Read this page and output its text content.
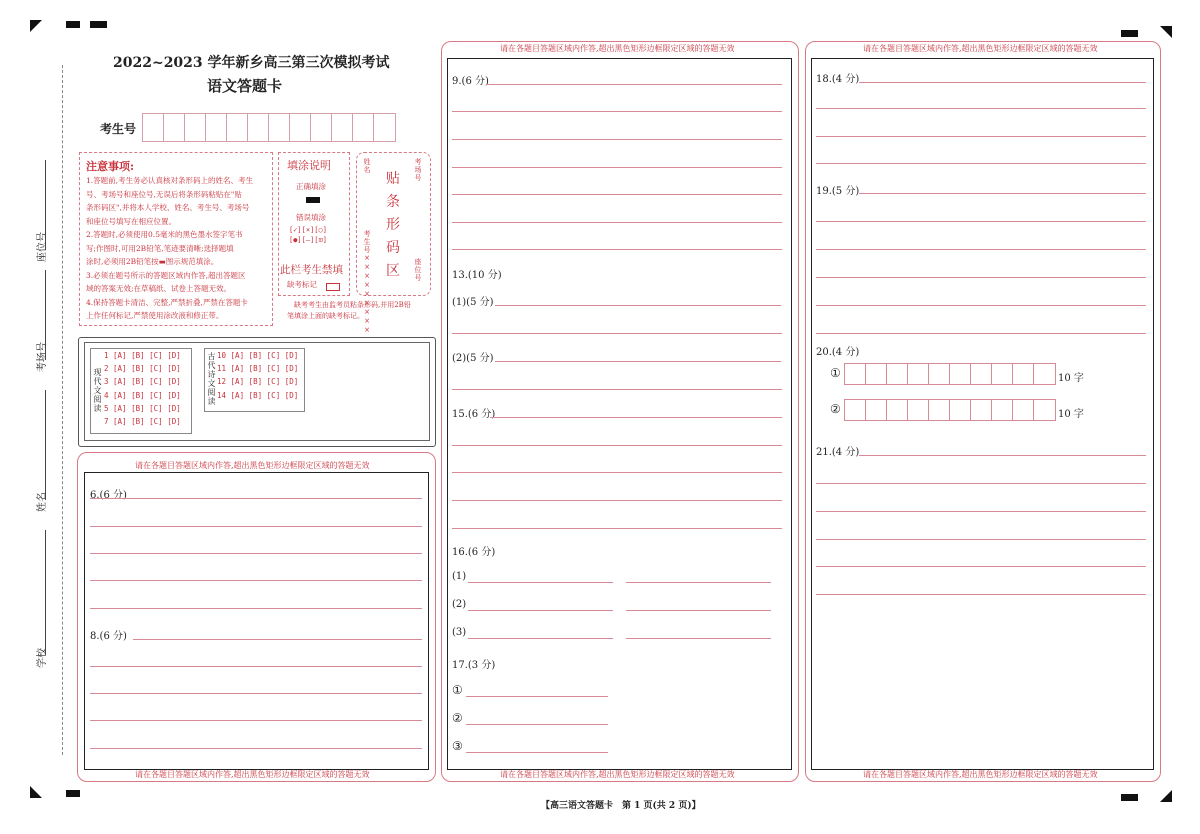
座位号
考场号
姓名
学校
2022~2023 学年新乡高三第三次模拟考试
语文答题卡
考生号
注意事项:
1.答题前,考生务必认真核对条形码上的姓名、考生
号、考场号和座位号,无误后将条形码粘贴在"贴
条形码区",并将本人学校、姓名、考生号、考场号
和座位号填写在相应位置。
2.答题时,必须使用0.5毫米的黑色墨水签字笔书
写;作图时,可用2B铅笔,笔迹要清晰;选择题填
涂时,必须用2B铅笔按▬图示规范填涂。
3.必须在题号所示的答题区域内作答,超出答题区
域的答案无效;在草稿纸、试卷上答题无效。
4.保持答题卡清洁、完整,严禁折叠,严禁在答题卡
上作任何标记,严禁使用涂改液和修正带。
填涂说明
正确填涂
错误填涂
[✓][×][○]
[●][—][⊡]
此栏考生禁填
缺考标记
贴
条
形
码
区
姓名
考生号×××××××××
考场号
座位号
缺考考生由监考员粘条形码,并用2B铅
笔填涂上面的缺考标记。
现代文阅读
1 [A] [B] [C] [D]
2 [A] [B] [C] [D]
3 [A] [B] [C] [D]
4 [A] [B] [C] [D]
5 [A] [B] [C] [D]
7 [A] [B] [C] [D]
古代诗文阅读 10 [A] [B] [C] [D]
11 [A] [B] [C] [D]
12 [A] [B] [C] [D]
14 [A] [B] [C] [D]
请在各题目答题区域内作答,超出黑色矩形边框限定区域的答题无效
请在各题目答题区域内作答,超出黑色矩形边框限定区域的答题无效
6.(6 分)
8.(6 分)
请在各题目答题区域内作答,超出黑色矩形边框限定区域的答题无效
请在各题目答题区域内作答,超出黑色矩形边框限定区域的答题无效
9.(6 分)
13.(10 分)
(1)(5 分)
(2)(5 分)
15.(6 分)
16.(6 分)
(1)
(2)
(3)
17.(3 分)
①
②
③
请在各题目答题区域内作答,超出黑色矩形边框限定区域的答题无效
请在各题目答题区域内作答,超出黑色矩形边框限定区域的答题无效
18.(4 分)
19.(5 分)
20.(4 分)
①
②
10 字
10 字
21.(4 分)
【高三语文答题卡　第 1 页(共 2 页)】
